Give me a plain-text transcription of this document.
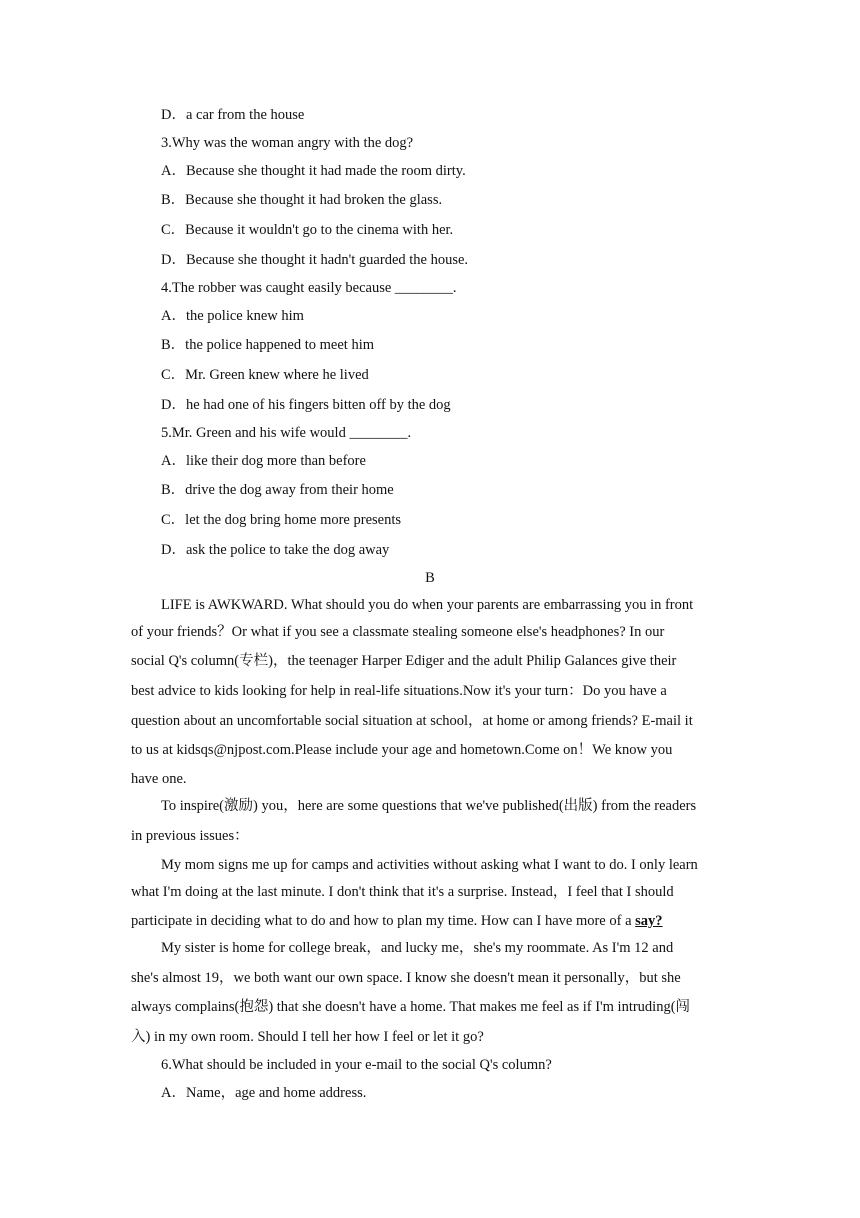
D．a car from the house
3.Why was the woman angry with the dog?
A．Because she thought it had made the room dirty.
B．Because she thought it had broken the glass.
C．Because it wouldn't go to the cinema with her.
D．Because she thought it hadn't guarded the house.
4.The robber was caught easily because ________.
A．the police knew him
B．the police happened to meet him
C．Mr. Green knew where he lived
D．he had one of his fingers bitten off by the dog
5.Mr. Green and his wife would ________.
A．like their dog more than before
B．drive the dog away from their home
C．let the dog bring home more presents
D．ask the police to take the dog away
B
LIFE is AWKWARD. What should you do when your parents are embarrassing you in front
of your friends？Or what if you see a classmate stealing someone else's headphones? In our
social Q's column(专栏)，the teenager Harper Ediger and the adult Philip Galances give their
best advice to kids looking for help in real-life situations.Now it's your turn：Do you have a
question about an uncomfortable social situation at school，at home or among friends? E-mail it
to us at kidsqs@njpost.com.Please include your age and hometown.Come on！We know you
have one.
To inspire(激励) you，here are some questions that we've published(出版) from the readers
in previous issues：
My mom signs me up for camps and activities without asking what I want to do. I only learn
what I'm doing at the last minute. I don't think that it's a surprise. Instead，I feel that I should
participate in deciding what to do and how to plan my time. How can I have more of a say?
My sister is home for college break，and lucky me，she's my roommate. As I'm 12 and
she's almost 19，we both want our own space. I know she doesn't mean it personally，but she
always complains(抱怨) that she doesn't have a home. That makes me feel as if I'm intruding(闯
入) in my own room. Should I tell her how I feel or let it go?
6.What should be included in your e-mail to the social Q's column?
A．Name，age and home address.
